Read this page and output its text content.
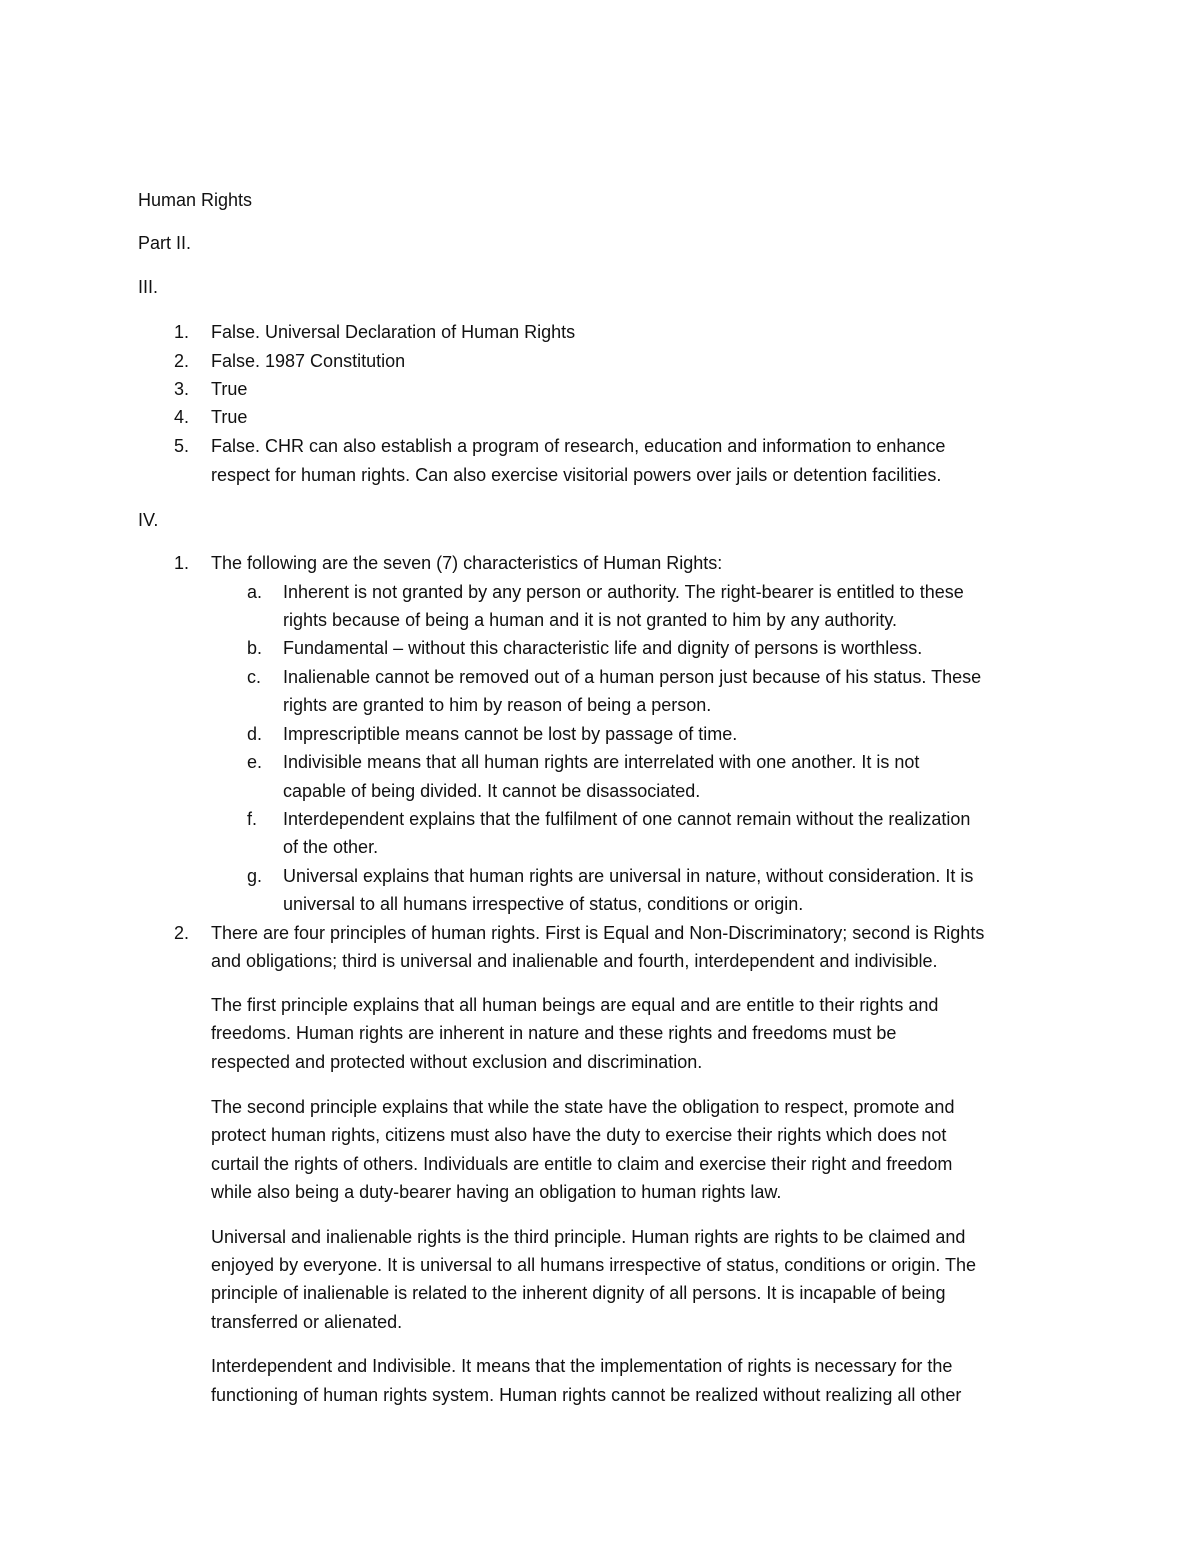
Human Rights
Part II.
III.
1. False. Universal Declaration of Human Rights
2. False. 1987 Constitution
3. True
4. True
5. False. CHR can also establish a program of research, education and information to enhance
respect for human rights. Can also exercise visitorial powers over jails or detention facilities.
IV.
1. The following are the seven (7) characteristics of Human Rights:
a. Inherent is not granted by any person or authority. The right-bearer is entitled to these
rights because of being a human and it is not granted to him by any authority.
b. Fundamental – without this characteristic life and dignity of persons is worthless.
c. Inalienable cannot be removed out of a human person just because of his status. These
rights are granted to him by reason of being a person.
d. Imprescriptible means cannot be lost by passage of time.
e. Indivisible means that all human rights are interrelated with one another. It is not
capable of being divided. It cannot be disassociated.
f. Interdependent explains that the fulfilment of one cannot remain without the realization
of the other.
g. Universal explains that human rights are universal in nature, without consideration. It is
universal to all humans irrespective of status, conditions or origin.
2. There are four principles of human rights. First is Equal and Non-Discriminatory; second is Rights
and obligations; third is universal and inalienable and fourth, interdependent and indivisible.
The first principle explains that all human beings are equal and are entitle to their rights and
freedoms. Human rights are inherent in nature and these rights and freedoms must be
respected and protected without exclusion and discrimination.
The second principle explains that while the state have the obligation to respect, promote and
protect human rights, citizens must also have the duty to exercise their rights which does not
curtail the rights of others. Individuals are entitle to claim and exercise their right and freedom
while also being a duty-bearer having an obligation to human rights law.
Universal and inalienable rights is the third principle. Human rights are rights to be claimed and
enjoyed by everyone. It is universal to all humans irrespective of status, conditions or origin. The
principle of inalienable is related to the inherent dignity of all persons. It is incapable of being
transferred or alienated.
Interdependent and Indivisible. It means that the implementation of rights is necessary for the
functioning of human rights system. Human rights cannot be realized without realizing all other
